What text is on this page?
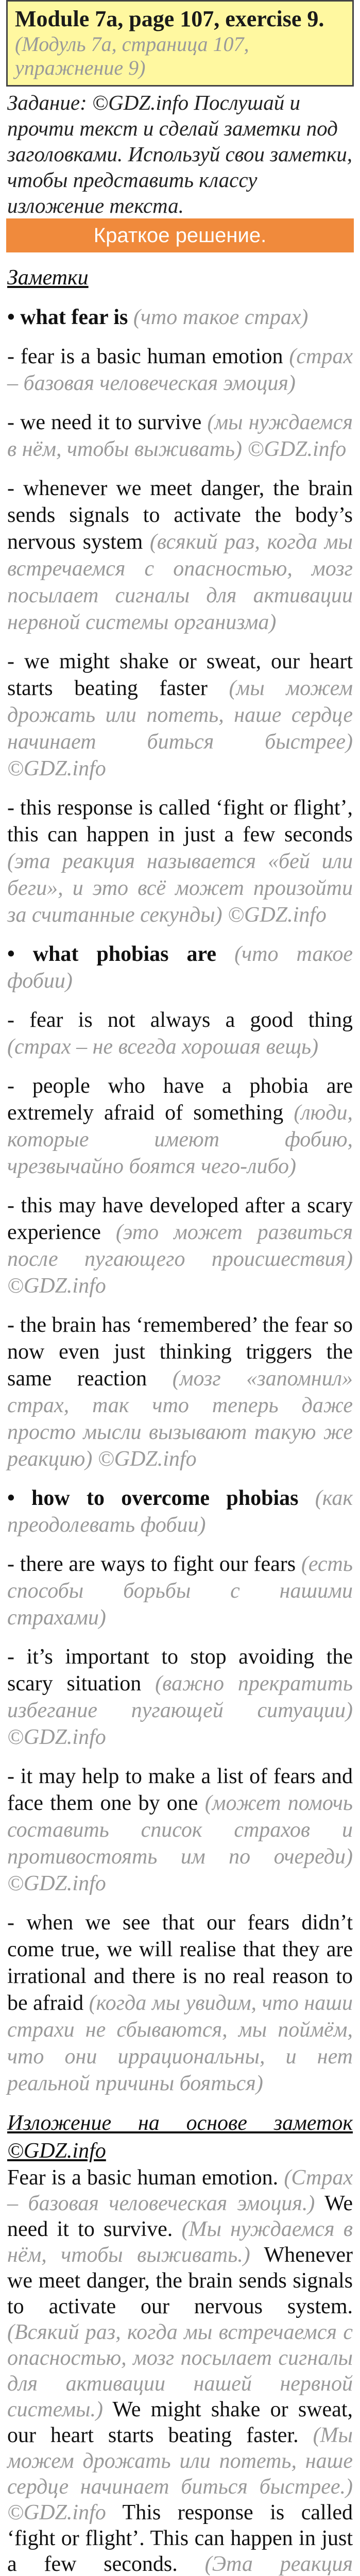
Module 7a, page 107, exercise 9.
(Модуль 7а, страница 107, упражнение 9)
Задание: ©GDZ.info Послушай и прочти текст и сделай заметки под заголовками. Используй свои заметки, чтобы представить классу изложение текста.
Краткое решение.
Заметки
• what fear is (что такое страх)
- fear is a basic human emotion (страх – базовая человеческая эмоция)
- we need it to survive (мы нуждаемся в нём, чтобы выживать) ©GDZ.info
- whenever we meet danger, the brain sends signals to activate the body’s nervous system (всякий раз, когда мы встречаемся с опасностью, мозг посылает сигналы для активации нервной системы организма)
- we might shake or sweat, our heart starts beating faster (мы можем дрожать или потеть, наше сердце начинает биться быстрее) ©GDZ.info
- this response is called ‘fight or flight’, this can happen in just a few seconds (эта реакция называется «бей или беги», и это всё может произойти за считанные секунды) ©GDZ.info
• what phobias are (что такое фобии)
- fear is not always a good thing (страх – не всегда хорошая вещь)
- people who have a phobia are extremely afraid of something (люди, которые имеют фобию, чрезвычайно боятся чего-либо)
- this may have developed after a scary experience (это может развиться после пугающего происшествия) ©GDZ.info
- the brain has ‘remembered’ the fear so now even just thinking triggers the same reaction (мозг «запомнил» страх, так что теперь даже просто мысли вызывают такую же реакцию) ©GDZ.info
• how to overcome phobias (как преодолевать фобии)
- there are ways to fight our fears (есть способы борьбы с нашими страхами)
- it’s important to stop avoiding the scary situation (важно прекратить избегание пугающей ситуации) ©GDZ.info
- it may help to make a list of fears and face them one by one (может помочь составить список страхов и противостоять им по очереди) ©GDZ.info
- when we see that our fears didn’t come true, we will realise that they are irrational and there is no real reason to be afraid (когда мы увидим, что наши страхи не сбываются, мы поймём, что они иррациональны, и нет реальной причины бояться)
Изложение на основе заметок ©GDZ.info
Fear is a basic human emotion. (Страх – базовая человеческая эмоция.) We need it to survive. (Мы нуждаемся в нём, чтобы выживать.) Whenever we meet danger, the brain sends signals to activate our nervous system. (Всякий раз, когда мы встречаемся с опасностью, мозг посылает сигналы для активации нашей нервной системы.) We might shake or sweat, our heart starts beating faster. (Мы можем дрожать или потеть, наше сердце начинает биться быстрее.) ©GDZ.info This response is called ‘fight or flight’. This can happen in just a few seconds. (Эта реакция
